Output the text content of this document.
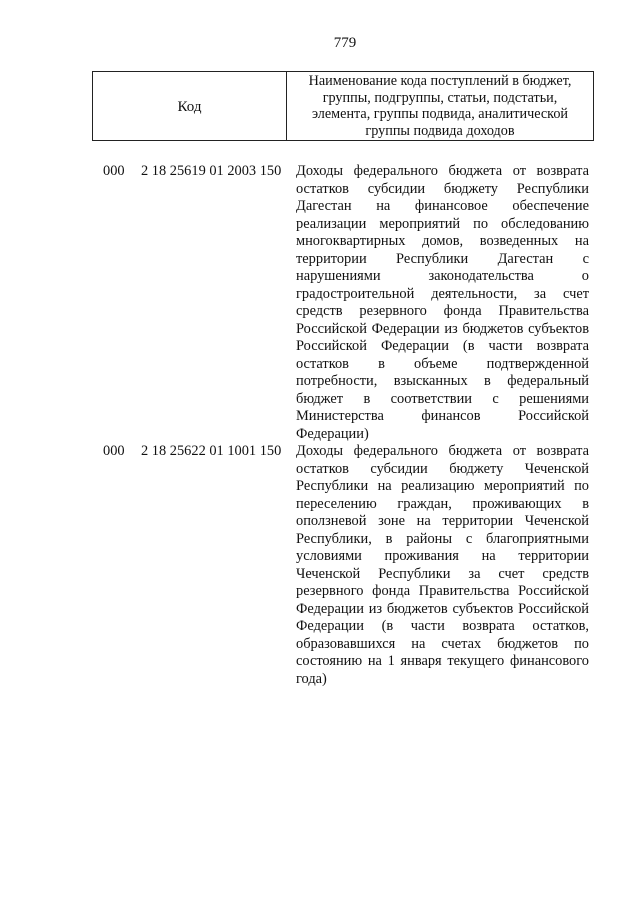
779
Код
Наименование кода поступлений в бюджет, группы, подгруппы, статьи, подстатьи, элемента, группы подвида, аналитической группы подвида доходов
000	2 18 25619 01 2003 150	Доходы федерального бюджета от возврата остатков субсидии бюджету Республики Дагестан на финансовое обеспечение реализации мероприятий по обследованию многоквартирных домов, возведенных на территории Республики Дагестан с нарушениями законодательства о градостроительной деятельности, за счет средств резервного фонда Правительства Российской Федерации из бюджетов субъектов Российской Федерации (в части возврата остатков в объеме подтвержденной потребности, взысканных в федеральный бюджет в соответствии с решениями Министерства финансов Российской Федерации)
000	2 18 25622 01 1001 150	Доходы федерального бюджета от возврата остатков субсидии бюджету Чеченской Республики на реализацию мероприятий по переселению граждан, проживающих в оползневой зоне на территории Чеченской Республики, в районы с благоприятными условиями проживания на территории Чеченской Республики за счет средств резервного фонда Правительства Российской Федерации из бюджетов субъектов Российской Федерации (в части возврата остатков, образовавшихся на счетах бюджетов по состоянию на 1 января текущего финансового года)
